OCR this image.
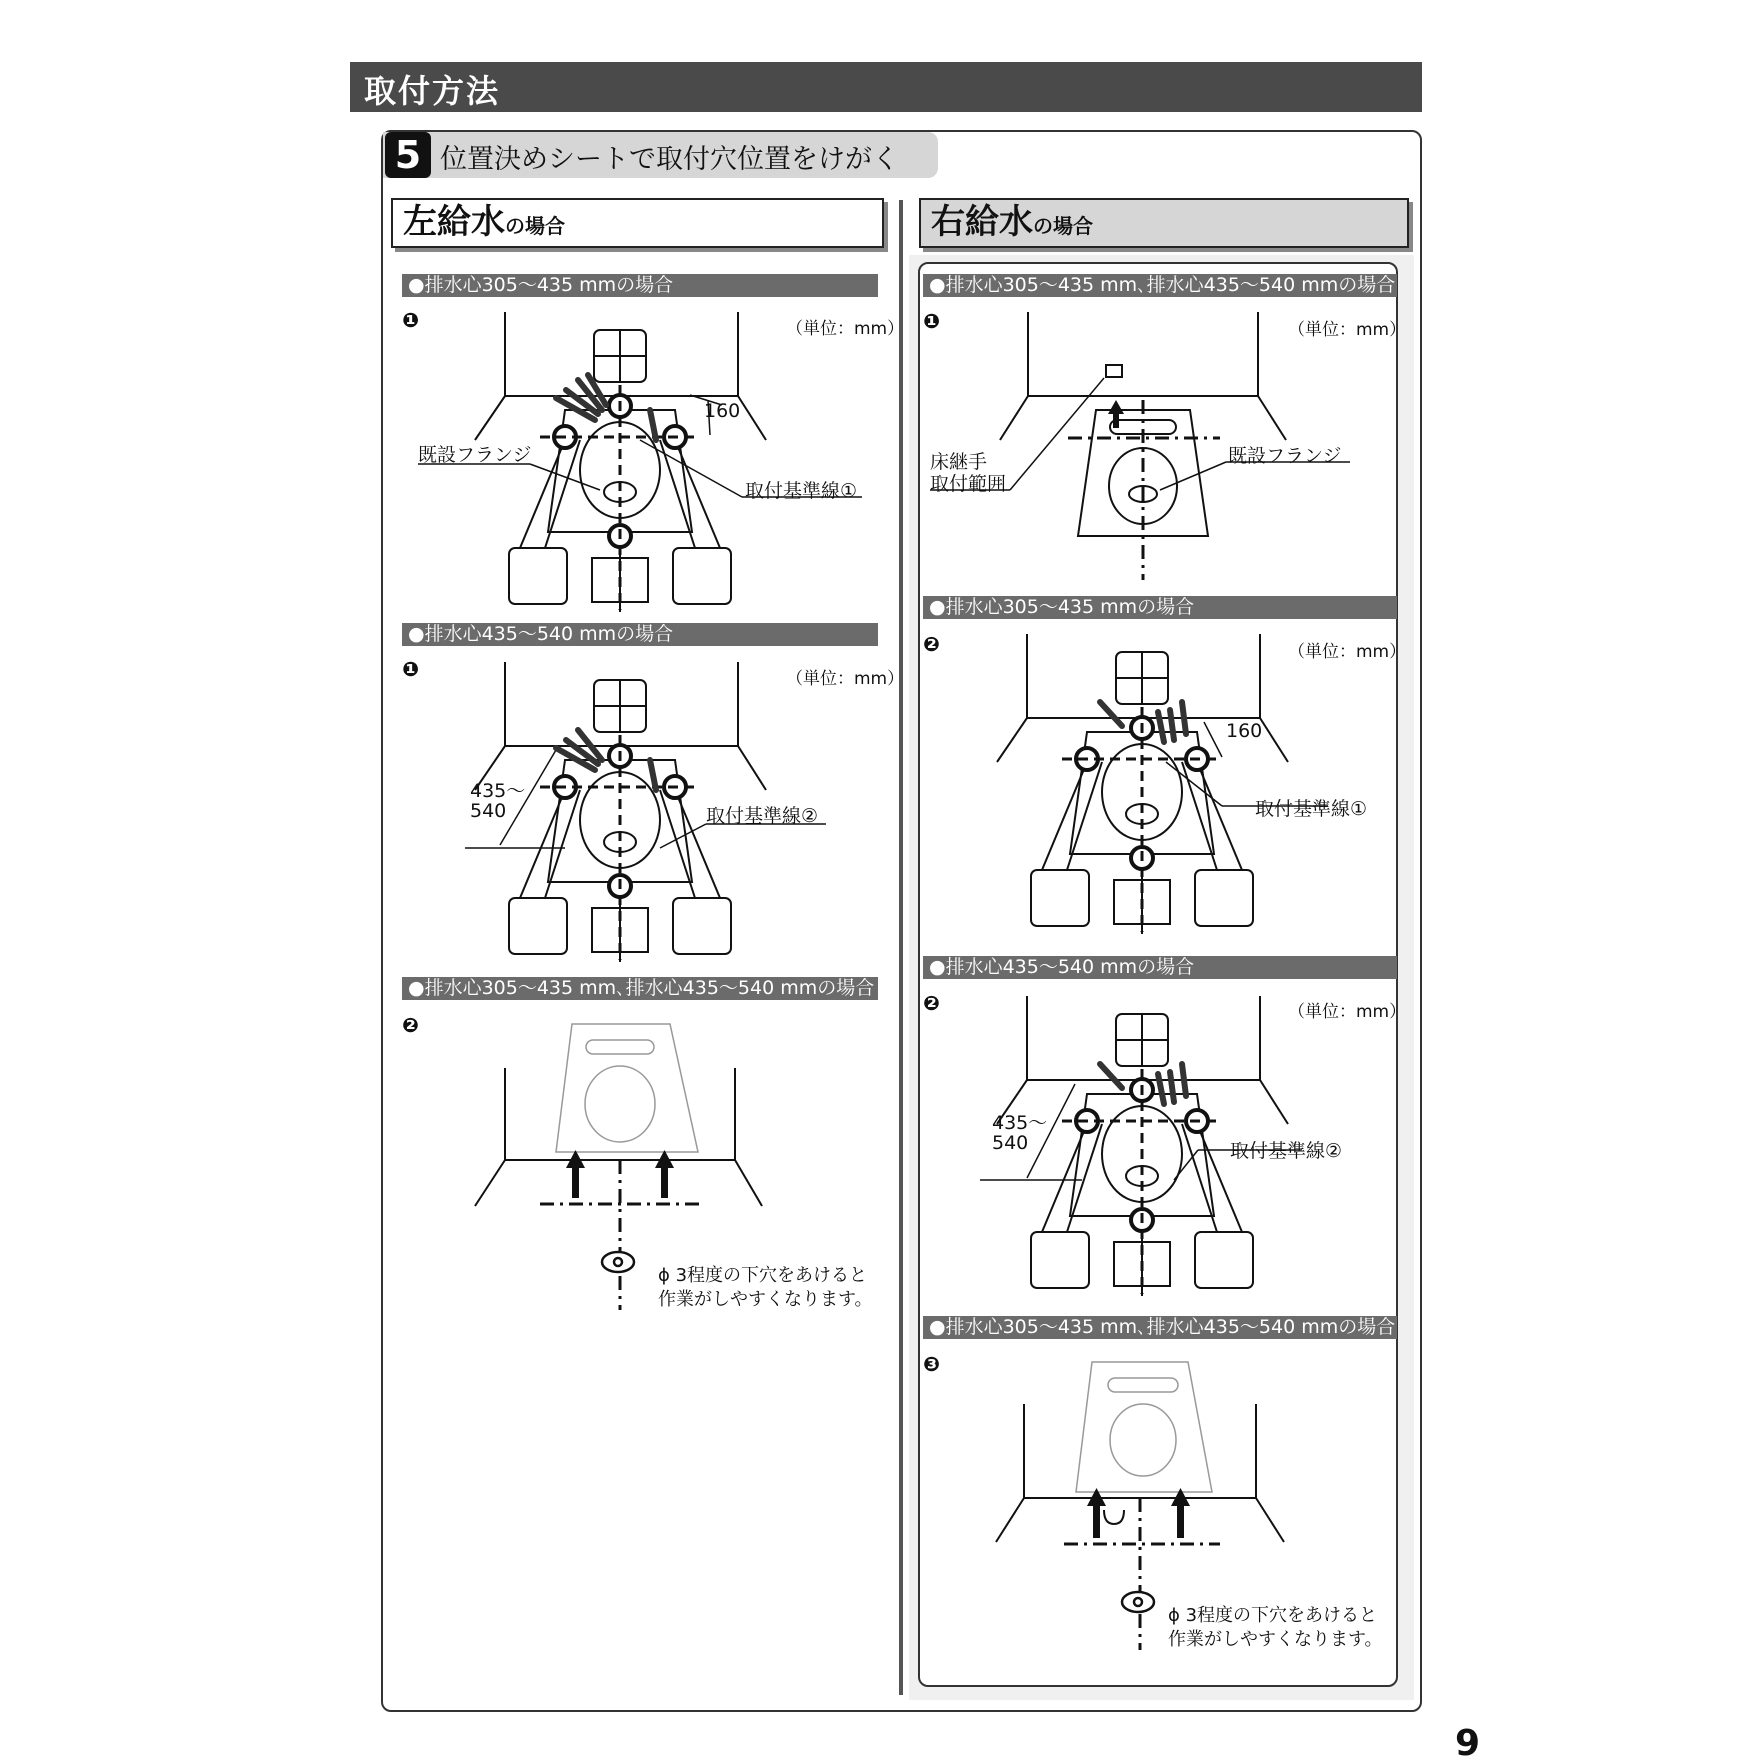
取付方法
5 位置決めシートで取付穴位置をけがく
左給水の場合	右給水の場合
●排水心305～435 mmの場合
❶	（単位：mm）
既設フランジ
160
取付基準線①
●排水心435～540 mmの場合
❶	（単位：mm）
435～
540	取付基準線②
●排水心305～435 mm､排水心435～540 mmの場合
❷
ϕ 3程度の下穴をあけると
作業がしやすくなります。
●排水心305～435 mm､排水心435～540 mmの場合
❶	（単位：mm）
床継手
取付範囲
既設フランジ
●排水心305～435 mmの場合
❷	（単位：mm）
160
取付基準線①
●排水心435～540 mmの場合
❷	（単位：mm）
435～
540	取付基準線②
●排水心305～435 mm､排水心435～540 mmの場合
❸
ϕ 3程度の下穴をあけると
作業がしやすくなります。
9
